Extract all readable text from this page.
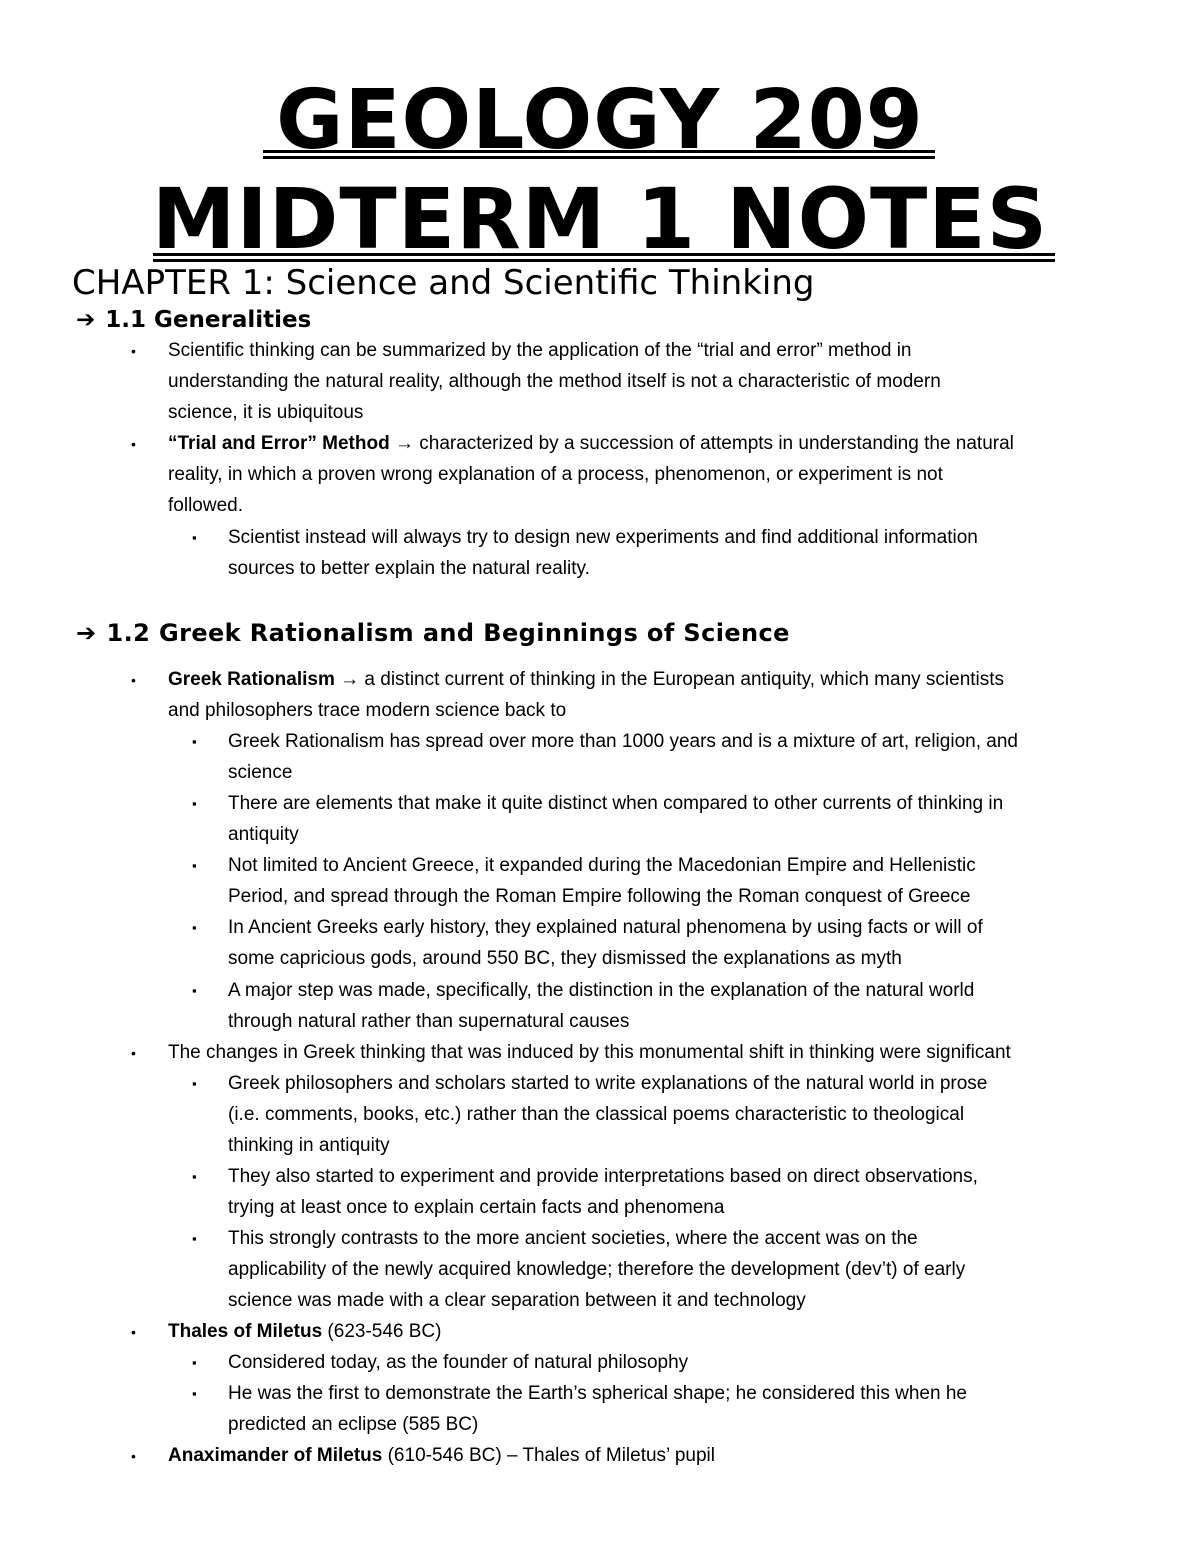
GEOLOGY 209
MIDTERM 1 NOTES
CHAPTER 1: Science and Scientific Thinking
➔ 1.1 Generalities
• Scientific thinking can be summarized by the application of the “trial and error” method in
understanding the natural reality, although the method itself is not a characteristic of modern
science, it is ubiquitous
• “Trial and Error” Method → characterized by a succession of attempts in understanding the natural
reality, in which a proven wrong explanation of a process, phenomenon, or experiment is not
followed.
▪ Scientist instead will always try to design new experiments and find additional information
sources to better explain the natural reality.
➔ 1.2 Greek Rationalism and Beginnings of Science
• Greek Rationalism → a distinct current of thinking in the European antiquity, which many scientists
and philosophers trace modern science back to
▪ Greek Rationalism has spread over more than 1000 years and is a mixture of art, religion, and
science
▪ There are elements that make it quite distinct when compared to other currents of thinking in
antiquity
▪ Not limited to Ancient Greece, it expanded during the Macedonian Empire and Hellenistic
Period, and spread through the Roman Empire following the Roman conquest of Greece
▪ In Ancient Greeks early history, they explained natural phenomena by using facts or will of
some capricious gods, around 550 BC, they dismissed the explanations as myth
▪ A major step was made, specifically, the distinction in the explanation of the natural world
through natural rather than supernatural causes
• The changes in Greek thinking that was induced by this monumental shift in thinking were significant
▪ Greek philosophers and scholars started to write explanations of the natural world in prose
(i.e. comments, books, etc.) rather than the classical poems characteristic to theological
thinking in antiquity
▪ They also started to experiment and provide interpretations based on direct observations,
trying at least once to explain certain facts and phenomena
▪ This strongly contrasts to the more ancient societies, where the accent was on the
applicability of the newly acquired knowledge; therefore the development (dev’t) of early
science was made with a clear separation between it and technology
• Thales of Miletus (623-546 BC)
▪ Considered today, as the founder of natural philosophy
▪ He was the first to demonstrate the Earth’s spherical shape; he considered this when he
predicted an eclipse (585 BC)
• Anaximander of Miletus (610-546 BC) – Thales of Miletus’ pupil
